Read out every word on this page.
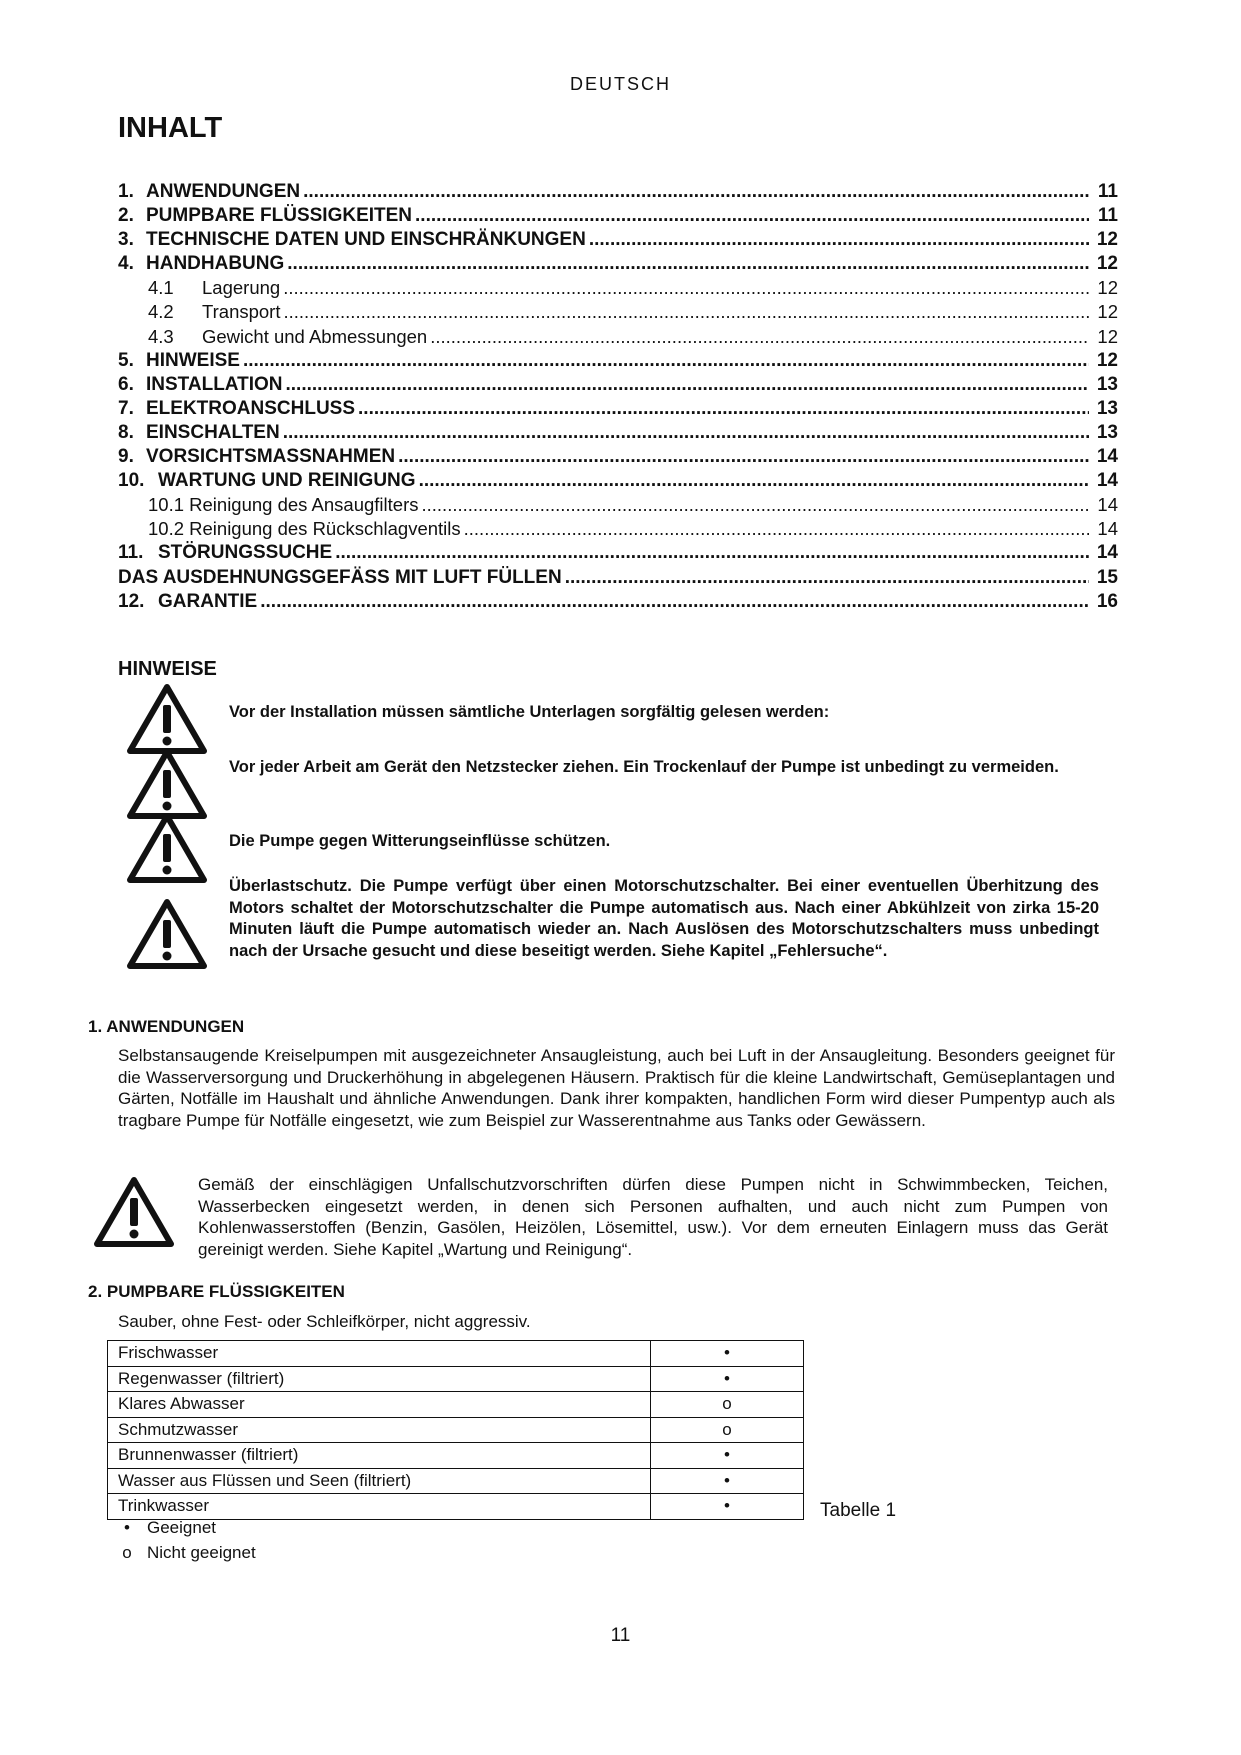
DEUTSCH
INHALT
1. ANWENDUNGEN .....	11
2. PUMPBARE FLÜSSIGKEITEN .....	11
3. TECHNISCHE DATEN UND EINSCHRÄNKUNGEN .....	12
4. HANDHABUNG .....	12
4.1	Lagerung .....	12
4.2	Transport .....	12
4.3	Gewicht und Abmessungen .....	12
5. HINWEISE .....	12
6. INSTALLATION .....	13
7. ELEKTROANSCHLUSS .....	13
8. EINSCHALTEN .....	13
9. VORSICHTSMASSNAHMEN .....	14
10. WARTUNG UND REINIGUNG .....	14
10.1 Reinigung des Ansaugfilters .....	14
10.2 Reinigung des Rückschlagventils .....	14
11. STÖRUNGSSUCHE .....	14
DAS AUSDEHNUNGSGEFÄSS MIT LUFT FÜLLEN .....	15
12. GARANTIE .....	16
HINWEISE

Vor der Installation müssen sämtliche Unterlagen sorgfältig gelesen werden:

Vor jeder Arbeit am Gerät den Netzstecker ziehen. Ein Trockenlauf der Pumpe ist unbedingt zu vermeiden.

Die Pumpe gegen Witterungseinflüsse schützen.

Überlastschutz. Die Pumpe verfügt über einen Motorschutzschalter. Bei einer eventuellen Überhitzung des Motors schaltet der Motorschutzschalter die Pumpe automatisch aus. Nach einer Abkühlzeit von zirka 15-20 Minuten läuft die Pumpe automatisch wieder an. Nach Auslösen des Motorschutzschalters muss unbedingt nach der Ursache gesucht und diese beseitigt werden. Siehe Kapitel „Fehlersuche“.

1. ANWENDUNGEN

Selbstansaugende Kreiselpumpen mit ausgezeichneter Ansaugleistung, auch bei Luft in der Ansaugleitung. Besonders geeignet für die Wasserversorgung und Druckerhöhung in abgelegenen Häusern. Praktisch für die kleine Landwirtschaft, Gemüseplantagen und Gärten, Notfälle im Haushalt und ähnliche Anwendungen. Dank ihrer kompakten, handlichen Form wird dieser Pumpentyp auch als tragbare Pumpe für Notfälle eingesetzt, wie zum Beispiel zur Wasserentnahme aus Tanks oder Gewässern.

Gemäß der einschlägigen Unfallschutzvorschriften dürfen diese Pumpen nicht in Schwimmbecken, Teichen, Wasserbecken eingesetzt werden, in denen sich Personen aufhalten, und auch nicht zum Pumpen von Kohlenwasserstoffen (Benzin, Gasölen, Heizölen, Lösemittel, usw.). Vor dem erneuten Einlagern muss das Gerät gereinigt werden. Siehe Kapitel „Wartung und Reinigung“.

2. PUMPBARE FLÜSSIGKEITEN

Sauber, ohne Fest- oder Schleifkörper, nicht aggressiv.

Frischwasser	•
Regenwasser (filtriert)	•
Klares Abwasser	o
Schmutzwasser	o
Brunnenwasser (filtriert)	•
Wasser aus Flüssen und Seen (filtriert)	•
Trinkwasser	•	Tabelle 1
• Geeignet
o Nicht geeignet
11
